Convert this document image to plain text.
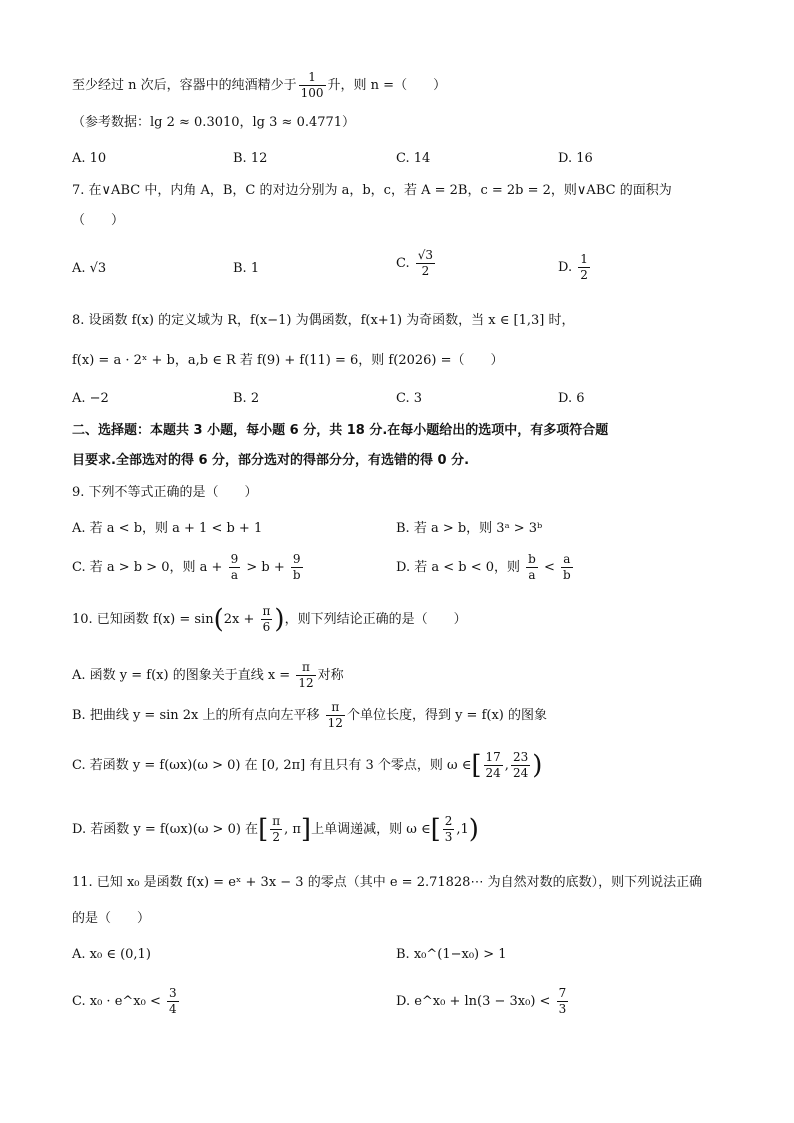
至少经过 n 次后，容器中的纯酒精少于 $\frac{1}{100}$ 升，则 n =（　　）
（参考数据：lg 2 ≈ 0.3010，lg 3 ≈ 0.4771）
A. 10	B. 12	C. 14	D. 16
7. 在∨ABC 中，内角 A，B，C 的对边分别为 a，b，c，若 A = 2B，c = 2b = 2，则∨ABC 的面积为
（　　）
A. √3	B. 1	C. $\frac{√3}{2}$	D. $\frac{1}{2}$
8. 设函数 f(x) 的定义域为 R，f(x−1) 为偶函数，f(x+1) 为奇函数，当 x ∈ [1,3] 时，
f(x) = a · 2ˣ + b，a,b ∈ R 若 f(9) + f(11) = 6，则 f(2026) =（　　）
A. −2	B. 2	C. 3	D. 6
二、选择题：本题共 3 小题，每小题 6 分，共 18 分.在每小题给出的选项中，有多项符合题
目要求.全部选对的得 6 分，部分选对的得部分分，有选错的得 0 分.
9. 下列不等式正确的是（　　）
A. 若 a < b，则 a + 1 < b + 1	B. 若 a > b，则 3ᵃ > 3ᵇ
C. 若 a > b > 0，则 $a + \frac{9}{a} > b + \frac{9}{b}$	D. 若 a < b < 0，则 $\frac{b}{a} < \frac{a}{b}$
10. 已知函数 $f(x) = \sin(2x + \frac{\pi}{6}$ )，则下列结论正确的是（　　）
A. 函数 y = f(x) 的图象关于直线 $x = \frac{\pi}{12}$ 对称
B. 把曲线 y = sin 2x 上的所有点向左平移 $\frac{\pi}{12}$ 个单位长度，得到 y = f(x) 的图象
C. 若函数 y = f(ωx)(ω > 0) 在 [0, 2π] 有且只有 3 个零点，则 ω ∈[ $\frac{17}{24}$ , $\frac{23}{24}$ )
D. 若函数 y = f(ωx)(ω > 0) 在[ $\frac{\pi}{2}$ , π]上单调递减，则 ω ∈[ $\frac{2}{3} ,1$)
11. 已知 x₀ 是函数 f(x) = eˣ + 3x − 3 的零点（其中 e = 2.71828⋯ 为自然对数的底数），则下列说法正确
的是（　　）
A. x₀ ∈ (0,1)	B. x₀^(1−x₀) > 1
C. x₀ · e^x₀ < $\frac{3}{4}$	D. e^x₀ + $\ln(3 - 3x_0) < \frac{7}{3}$
